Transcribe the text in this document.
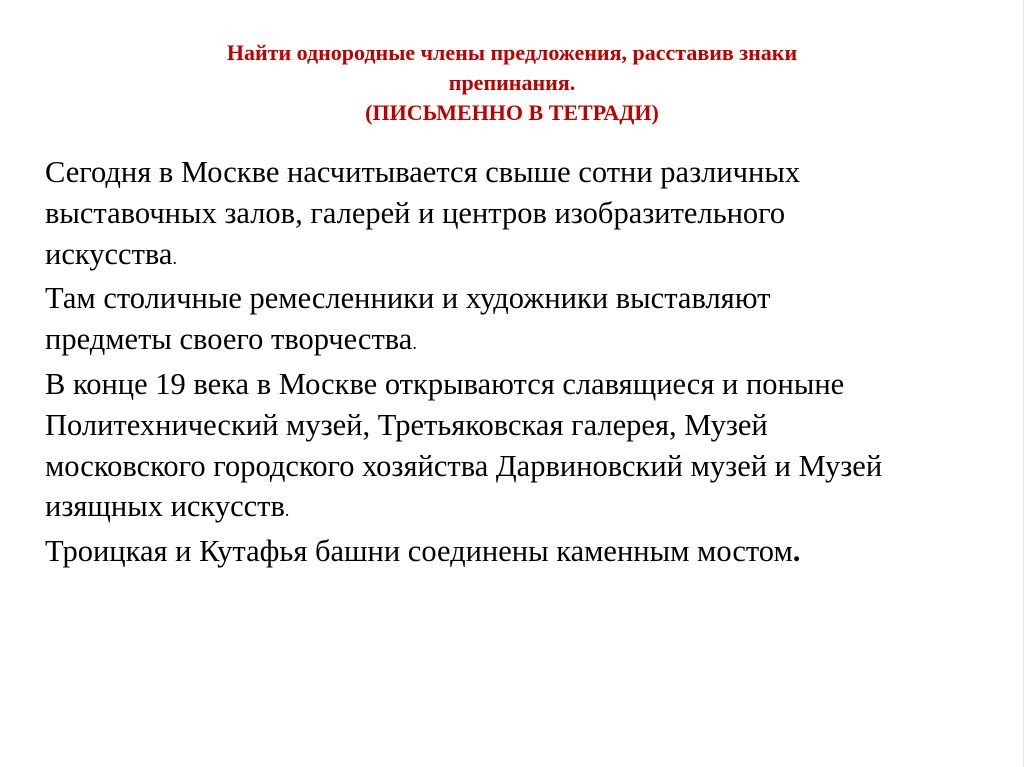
Найти однородные члены предложения, расставив знаки
препинания.
(ПИСЬМЕННО В ТЕТРАДИ)
Сегодня в Москве насчитывается свыше сотни различных
выставочных залов, галерей и центров изобразительного
искусства.
Там столичные ремесленники и художники выставляют
предметы своего творчества.
В конце 19 века в Москве открываются славящиеся и поныне
Политехнический музей, Третьяковская галерея, Музей
московского городского хозяйства Дарвиновский музей и Музей
изящных искусств.
Троицкая и Кутафья башни соединены каменным мостом.
